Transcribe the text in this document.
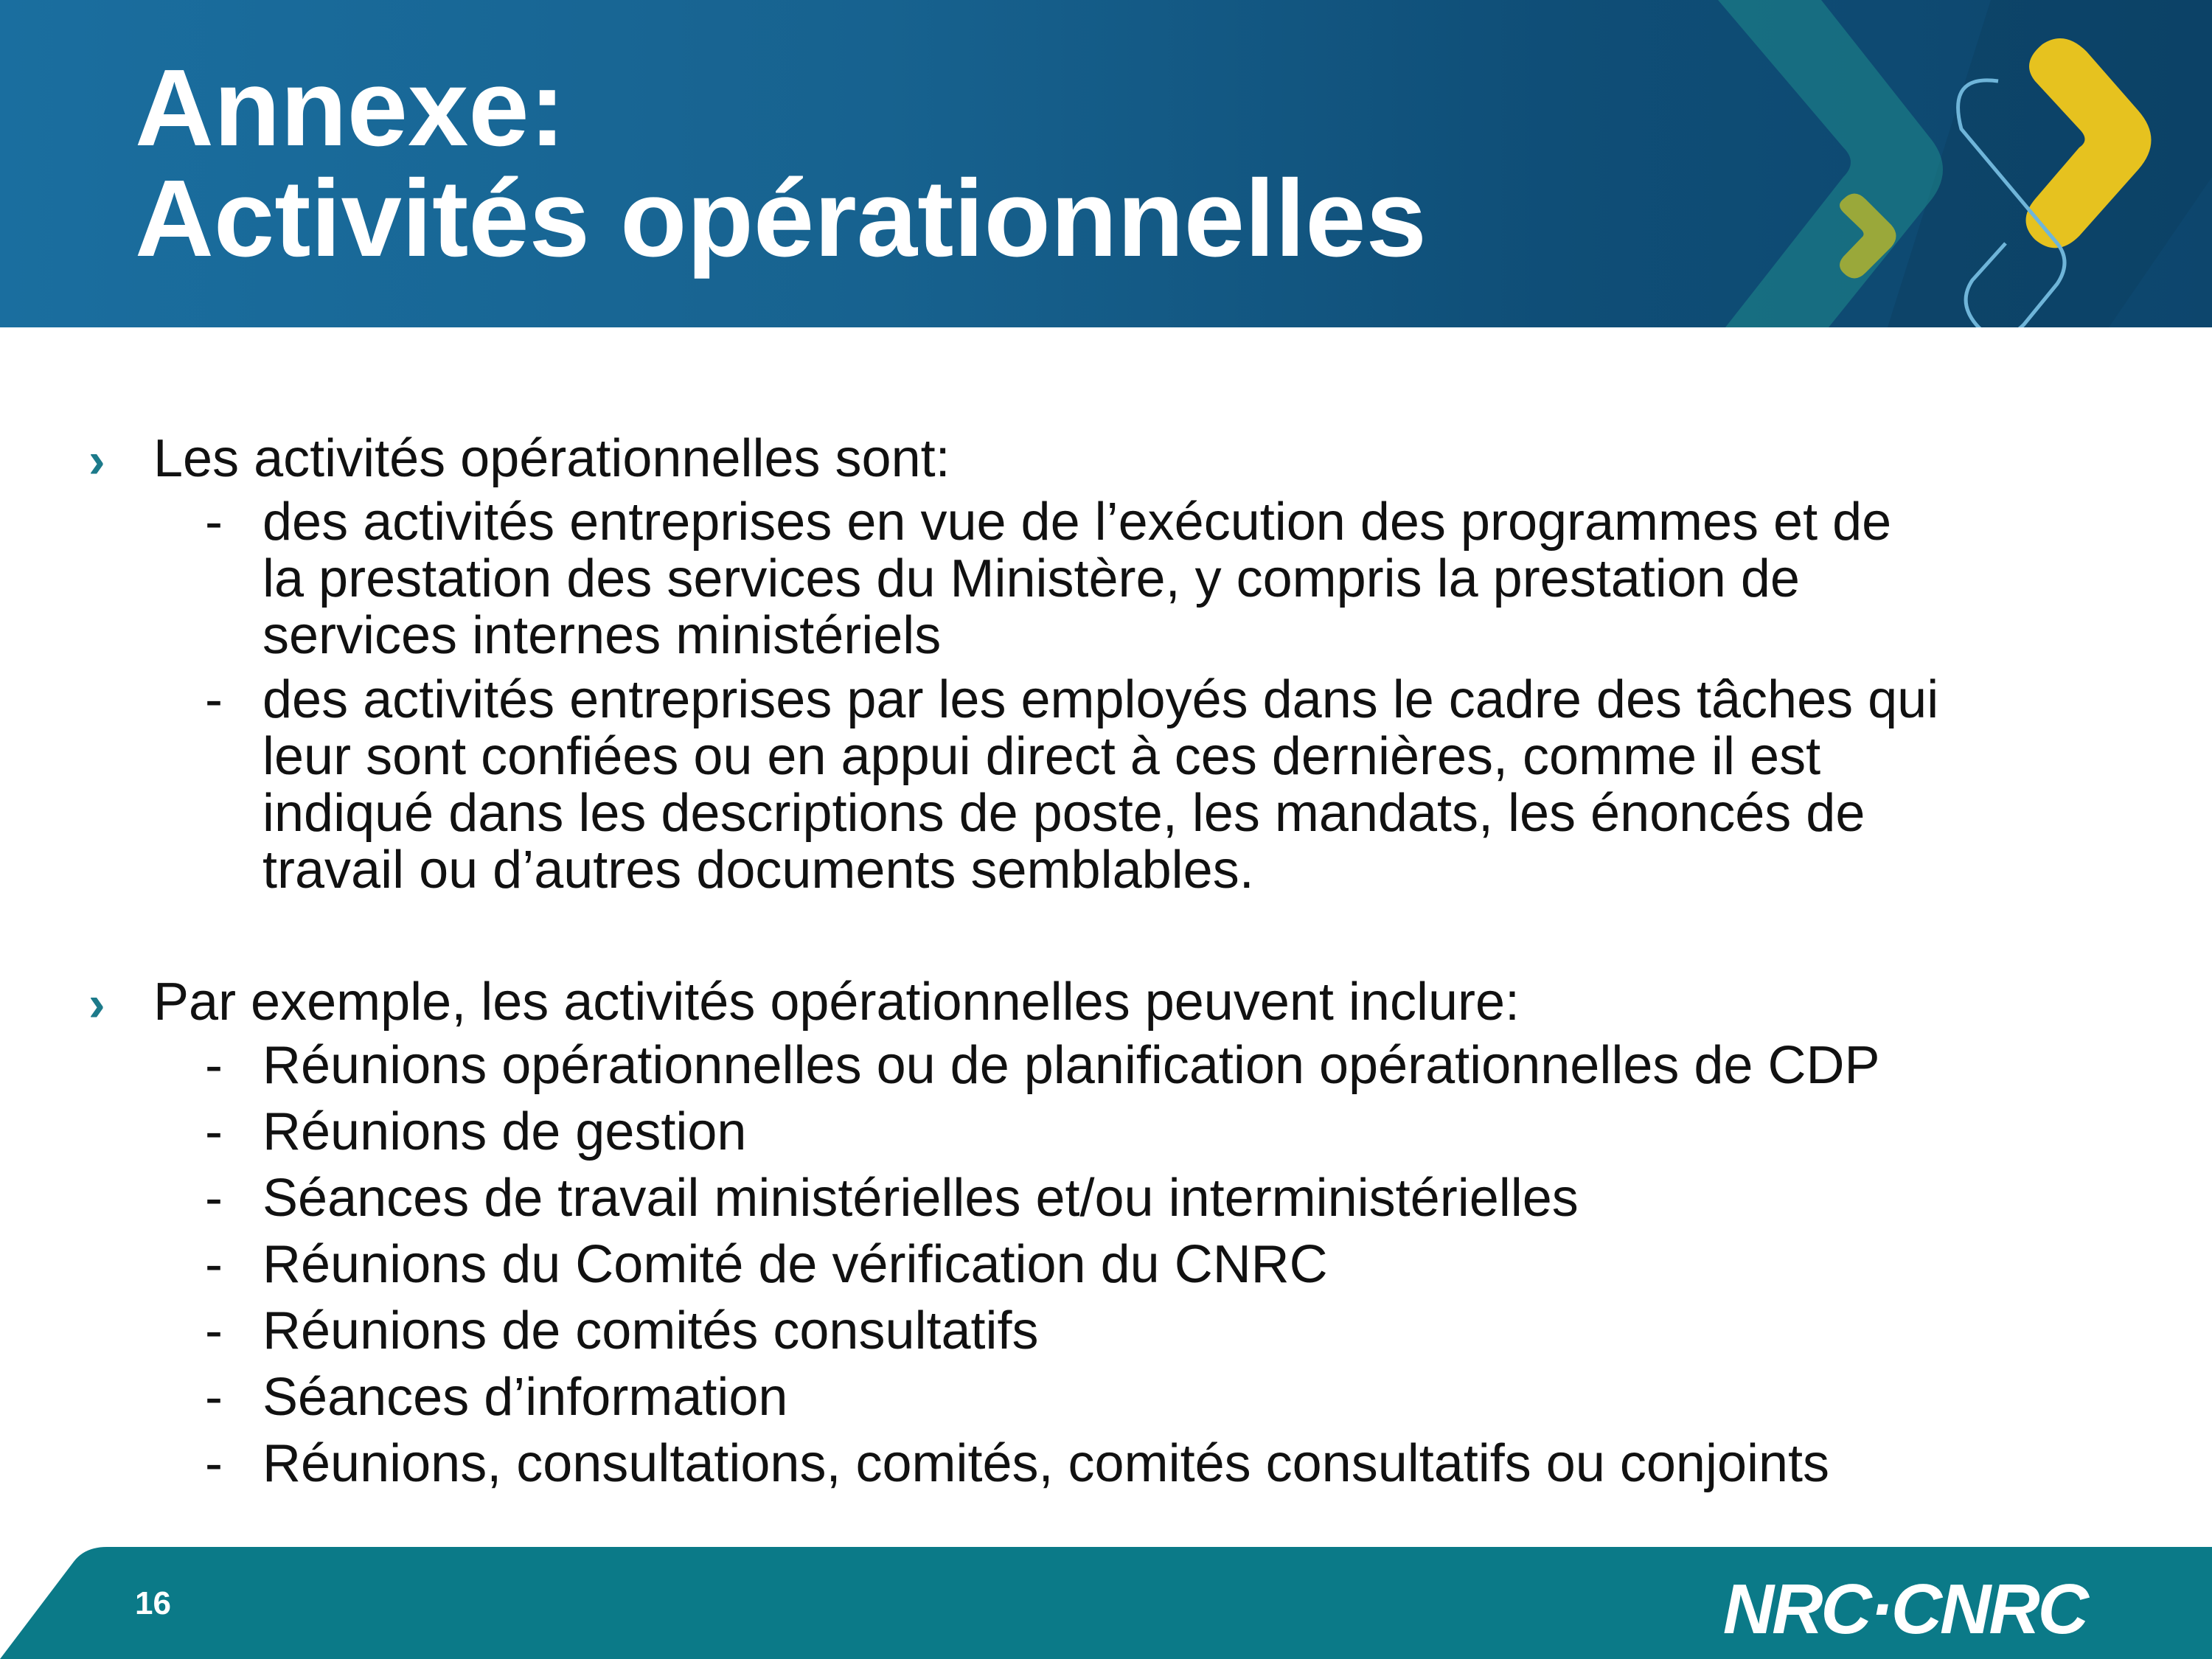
Annexe:
Activités opérationnelles
› Les activités opérationnelles sont:
- des activités entreprises en vue de l’exécution des programmes et de
la prestation des services du Ministère, y compris la prestation de
services internes ministériels
- des activités entreprises par les employés dans le cadre des tâches qui
leur sont confiées ou en appui direct à ces dernières, comme il est
indiqué dans les descriptions de poste, les mandats, les énoncés de
travail ou d’autres documents semblables.
› Par exemple, les activités opérationnelles peuvent inclure:
- Réunions opérationnelles ou de planification opérationnelles de CDP
- Réunions de gestion
- Séances de travail ministérielles et/ou interministérielles
- Réunions du Comité de vérification du CNRC
- Réunions de comités consultatifs
- Séances d’information
- Réunions, consultations, comités, comités consultatifs ou conjoints
16	NRC·CNRC
